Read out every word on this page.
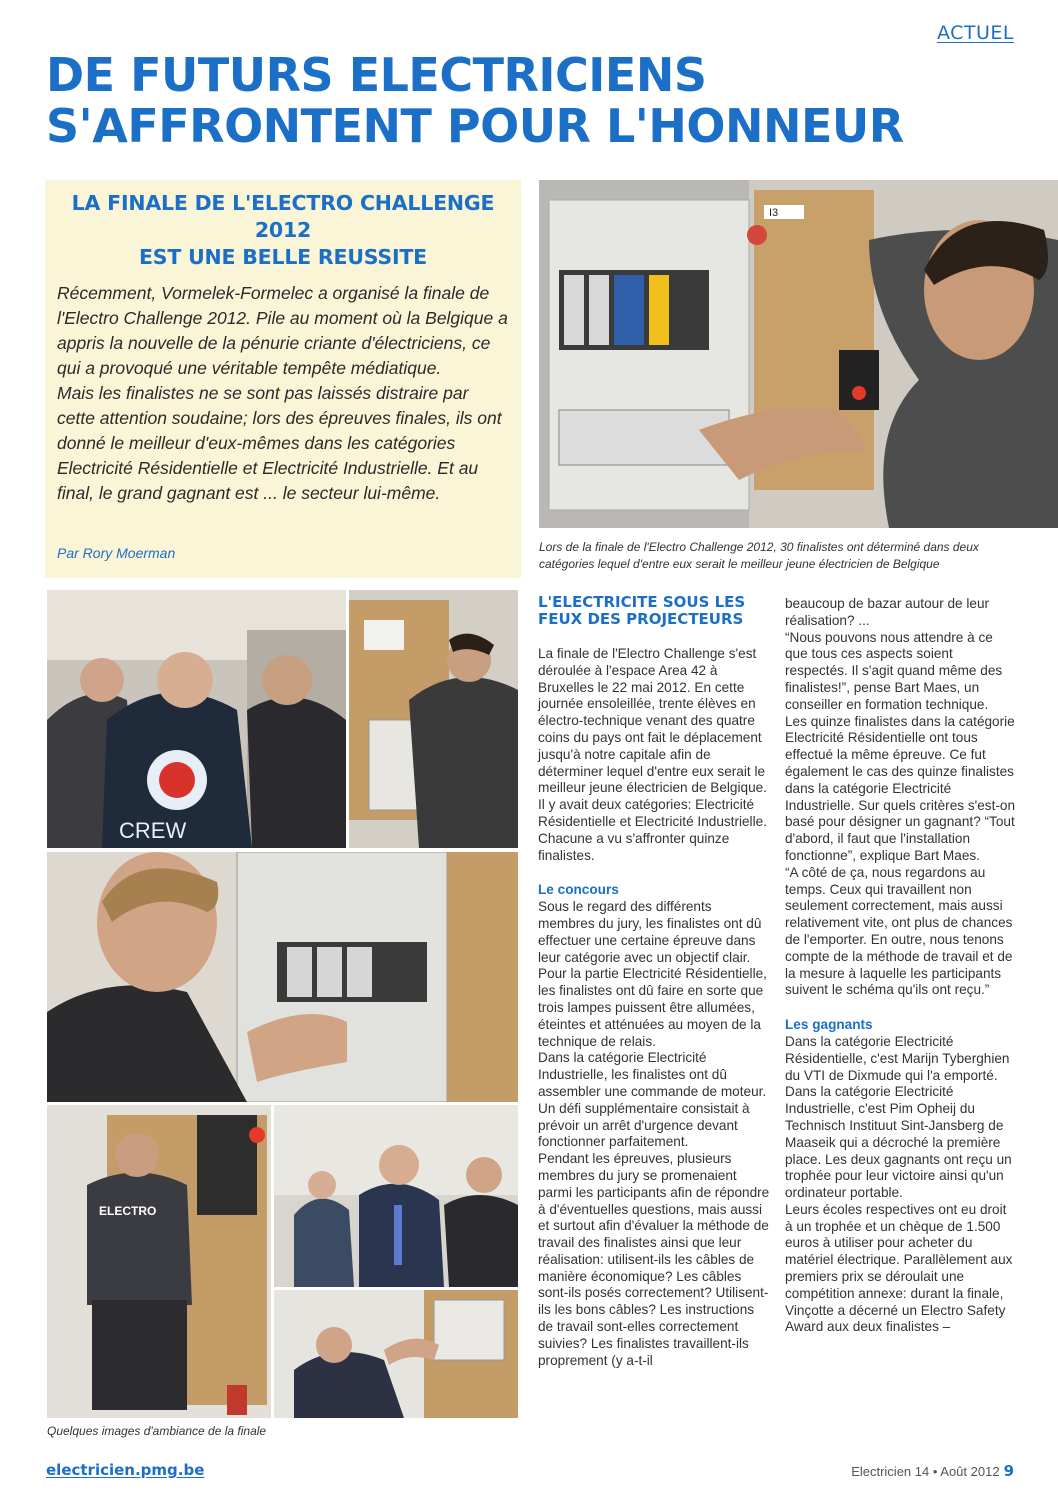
ACTUEL
DE FUTURS ELECTRICIENS
S'AFFRONTENT POUR L'HONNEUR
LA FINALE DE L'ELECTRO CHALLENGE 2012
EST UNE BELLE REUSSITE

Récemment, Vormelek-Formelec a organisé la finale de l'Electro Challenge 2012. Pile au moment où la Belgique a appris la nouvelle de la pénurie criante d'électriciens, ce qui a provoqué une véritable tempête médiatique.

Mais les finalistes ne se sont pas laissés distraire par cette attention soudaine; lors des épreuves finales, ils ont donné le meilleur d'eux-mêmes dans les catégories Electricité Résidentielle et Electricité Industrielle. Et au final, le grand gagnant est ... le secteur lui-même.

Par Rory Moerman
I3
Lors de la finale de l'Electro Challenge 2012, 30 finalistes ont déterminé dans deux catégories lequel d'entre eux serait le meilleur jeune électricien de Belgique
CREW
ELECTRO
Quelques images d'ambiance de la finale
L'ELECTRICITE SOUS LES FEUX DES PROJECTEURS

La finale de l'Electro Challenge s'est déroulée à l'espace Area 42 à Bruxelles le 22 mai 2012. En cette journée ensoleillée, trente élèves en électro-technique venant des quatre coins du pays ont fait le déplacement jusqu'à notre capitale afin de déterminer lequel d'entre eux serait le meilleur jeune électricien de Belgique. Il y avait deux catégories: Electricité Résidentielle et Electricité Industrielle. Chacune a vu s'affronter quinze finalistes.

Le concours

Sous le regard des différents membres du jury, les finalistes ont dû effectuer une certaine épreuve dans leur catégorie avec un objectif clair. Pour la partie Electricité Résidentielle, les finalistes ont dû faire en sorte que trois lampes puissent être allumées, éteintes et atténuées au moyen de la technique de relais.

Dans la catégorie Electricité Industrielle, les finalistes ont dû assembler une commande de moteur. Un défi supplémentaire consistait à prévoir un arrêt d'urgence devant fonctionner parfaitement.

Pendant les épreuves, plusieurs membres du jury se promenaient parmi les participants afin de répondre à d'éventuelles questions, mais aussi et surtout afin d'évaluer la méthode de travail des finalistes ainsi que leur réalisation: utilisent-ils les câbles de manière économique? Les câbles sont-ils posés correctement? Utilisent-ils les bons câbles? Les instructions de travail sont-elles correctement suivies? Les finalistes travaillent-ils proprement (y a-t-il

beaucoup de bazar autour de leur réalisation? ...

“Nous pouvons nous attendre à ce que tous ces aspects soient respectés. Il s'agit quand même des finalistes!”, pense Bart Maes, un conseiller en formation technique.

Les quinze finalistes dans la catégorie Electricité Résidentielle ont tous effectué la même épreuve. Ce fut également le cas des quinze finalistes dans la catégorie Electricité Industrielle. Sur quels critères s'est-on basé pour désigner un gagnant? “Tout d'abord, il faut que l'installation fonctionne”, explique Bart Maes.

“A côté de ça, nous regardons au temps. Ceux qui travaillent non seulement correctement, mais aussi relativement vite, ont plus de chances de l'emporter. En outre, nous tenons compte de la méthode de travail et de la mesure à laquelle les participants suivent le schéma qu'ils ont reçu.”

Les gagnants

Dans la catégorie Electricité Résidentielle, c'est Marijn Tyberghien du VTI de Dixmude qui l'a emporté. Dans la catégorie Electricité Industrielle, c'est Pim Opheij du Technisch Instituut Sint-Jansberg de Maaseik qui a décroché la première place. Les deux gagnants ont reçu un trophée pour leur victoire ainsi qu'un ordinateur portable.

Leurs écoles respectives ont eu droit à un trophée et un chèque de 1.500 euros à utiliser pour acheter du matériel électrique. Parallèlement aux premiers prix se déroulait une compétition annexe: durant la finale, Vinçotte a décerné un Electro Safety Award aux deux finalistes –

electricien.pmg.be	Electricien 14 • Août 2012 9
